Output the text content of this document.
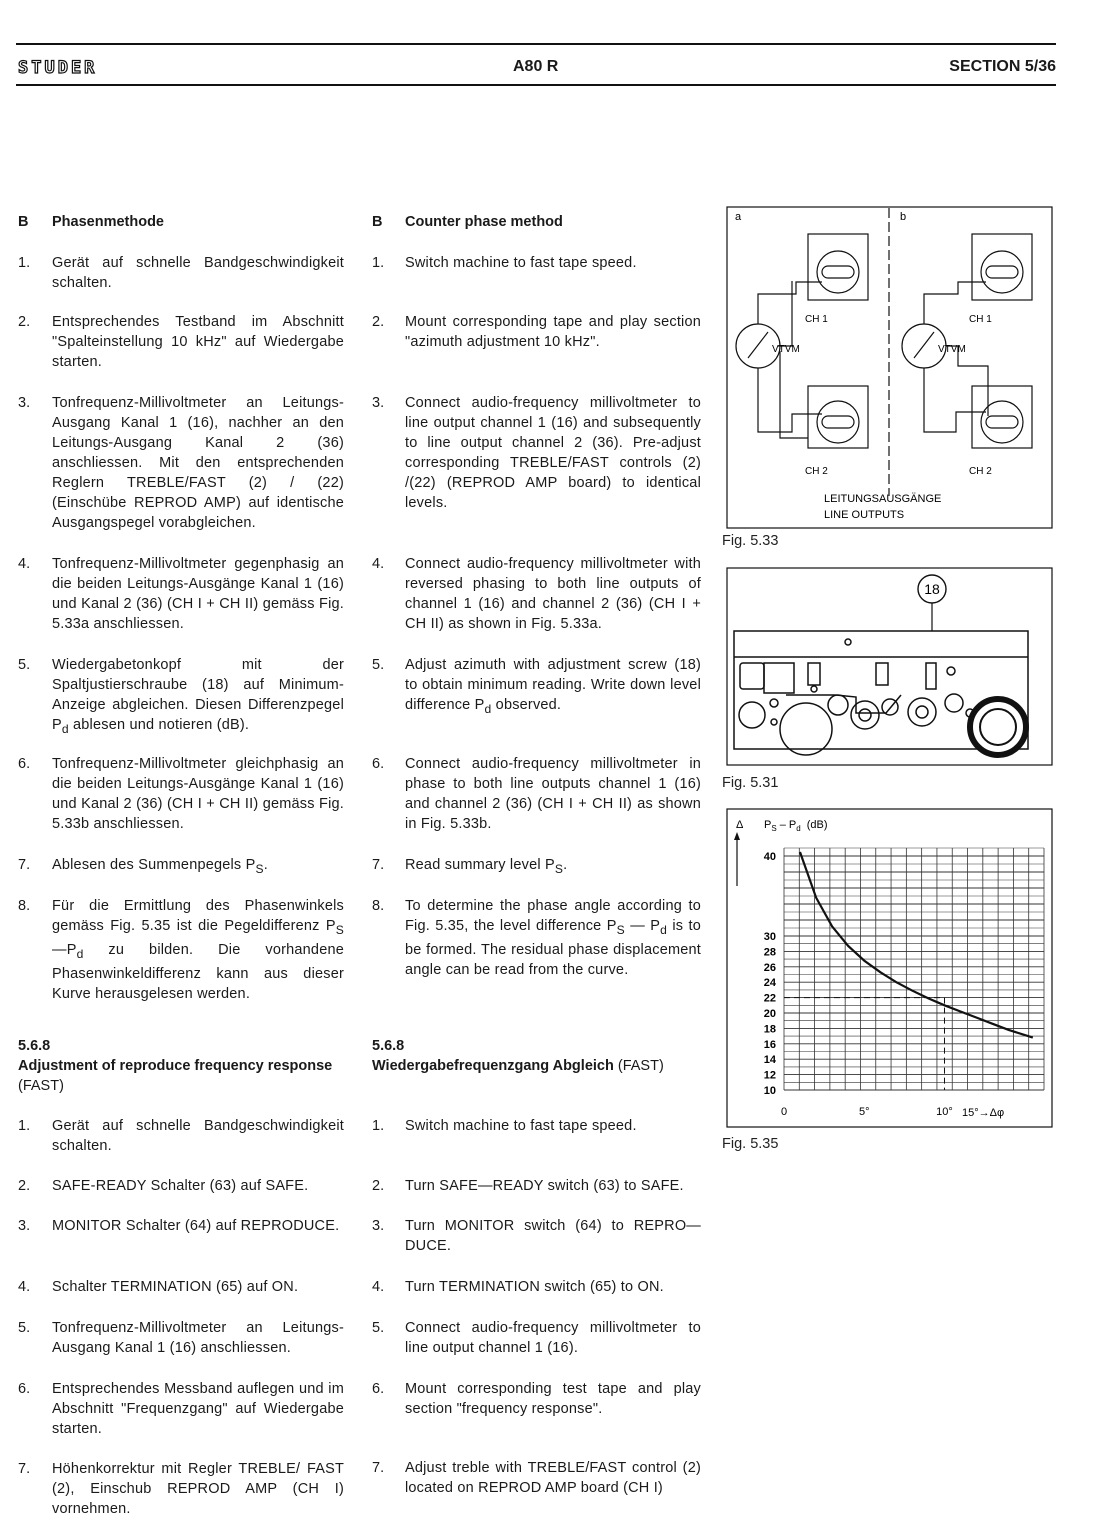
STUDER	A80 R	SECTION 5/36
B Phasenmethode	B Counter phase method
1.	Gerät auf schnelle Bandgeschwindigkeit schalten.
2.	Entsprechendes Testband im Abschnitt "Spalteinstellung 10 kHz" auf Wiedergabe starten.
3.	Tonfrequenz-Millivoltmeter an Leitungs-Ausgang Kanal 1 (16), nachher an den Leitungs-Ausgang Kanal 2 (36) anschliessen. Mit den entsprechenden Reglern TREBLE/FAST (2) / (22) (Einschübe REPROD AMP) auf identische Ausgangspegel vorabgleichen.
4.	Tonfrequenz-Millivoltmeter gegenphasig an die beiden Leitungs-Ausgänge Kanal 1 (16) und Kanal 2 (36) (CH I + CH II) gemäss Fig. 5.33a anschliessen.
5.	Wiedergabetonkopf mit der Spaltjustierschraube (18) auf Minimum-Anzeige abgleichen. Diesen Differenzpegel $P_d$ ablesen und notieren (dB).
6.	Tonfrequenz-Millivoltmeter gleichphasig an die beiden Leitungs-Ausgänge Kanal 1 (16) und Kanal 2 (36) (CH I + CH II) gemäss Fig. 5.33b anschliessen.
7.	Ablesen des Summenpegels $P_S$.
8.	Für die Ermittlung des Phasenwinkels gemäss Fig. 5.35 ist die Pegeldifferenz $P_S—P_d$ zu bilden. Die vorhandene Phasenwinkeldifferenz kann aus dieser Kurve herausgelesen werden.
5.6.8
Adjustment of reproduce frequency response
(FAST)
1.	Gerät auf schnelle Bandgeschwindigkeit schalten.
2.	SAFE-READY Schalter (63) auf SAFE.
3.	MONITOR Schalter (64) auf REPRODUCE.
4.	Schalter TERMINATION (65) auf ON.
5.	Tonfrequenz-Millivoltmeter an Leitungs-Ausgang Kanal 1 (16) anschliessen.
6.	Entsprechendes Messband auflegen und im Abschnitt "Frequenzgang" auf Wiedergabe starten.
7.	Höhenkorrektur mit Regler TREBLE/ FAST (2), Einschub REPROD AMP (CH I) vornehmen.
1.	Switch machine to fast tape speed.
2.	Mount corresponding tape and play section "azimuth adjustment 10 kHz".
3.	Connect audio-frequency millivoltmeter to line output channel 1 (16) and subsequently to line output channel 2 (36). Pre-adjust corresponding TREBLE/FAST controls (2) /(22) (REPROD AMP board) to identical levels.
4.	Connect audio-frequency millivoltmeter with reversed phasing to both line outputs of channel 1 (16) and channel 2 (36) (CH I + CH II) as shown in Fig. 5.33a.
5.	Adjust azimuth with adjustment screw (18) to obtain minimum reading. Write down level difference $P_d$ observed.
6.	Connect audio-frequency millivoltmeter in phase to both line outputs channel 1 (16) and channel 2 (36) (CH I + CH II) as shown in Fig. 5.33b.
7.	Read summary level $P_S$.
8.	To determine the phase angle according to Fig. 5.35, the level difference $P_S$ — $P_d$ is to be formed. The residual phase displacement angle can be read from the curve.
5.6.8
Wiedergabefrequenzgang Abgleich (FAST)
1.	Switch machine to fast tape speed.
2.	Turn SAFE—READY switch (63) to SAFE.
3.	Turn MONITOR switch (64) to REPRO—DUCE.
4.	Turn TERMINATION switch (65) to ON.
5.	Connect audio-frequency millivoltmeter to line output channel 1 (16).
6.	Mount corresponding test tape and play section "frequency response".
7.	Adjust treble with TREBLE/FAST control (2) located on REPROD AMP board (CH I)
a	b
VTVM
CH 1
CH 2
VTVM
CH 1
CH 2
LEITUNGSAUSGÄNGE
LINE OUTPUTS
Fig. 5.33
18
Fig. 5.31
Δ $P_S - P_d$ (dB)
10
12
14
16
18
20
22
24
26
28
30
40
0	5°	10° 15°→Δφ
Fig. 5.35
